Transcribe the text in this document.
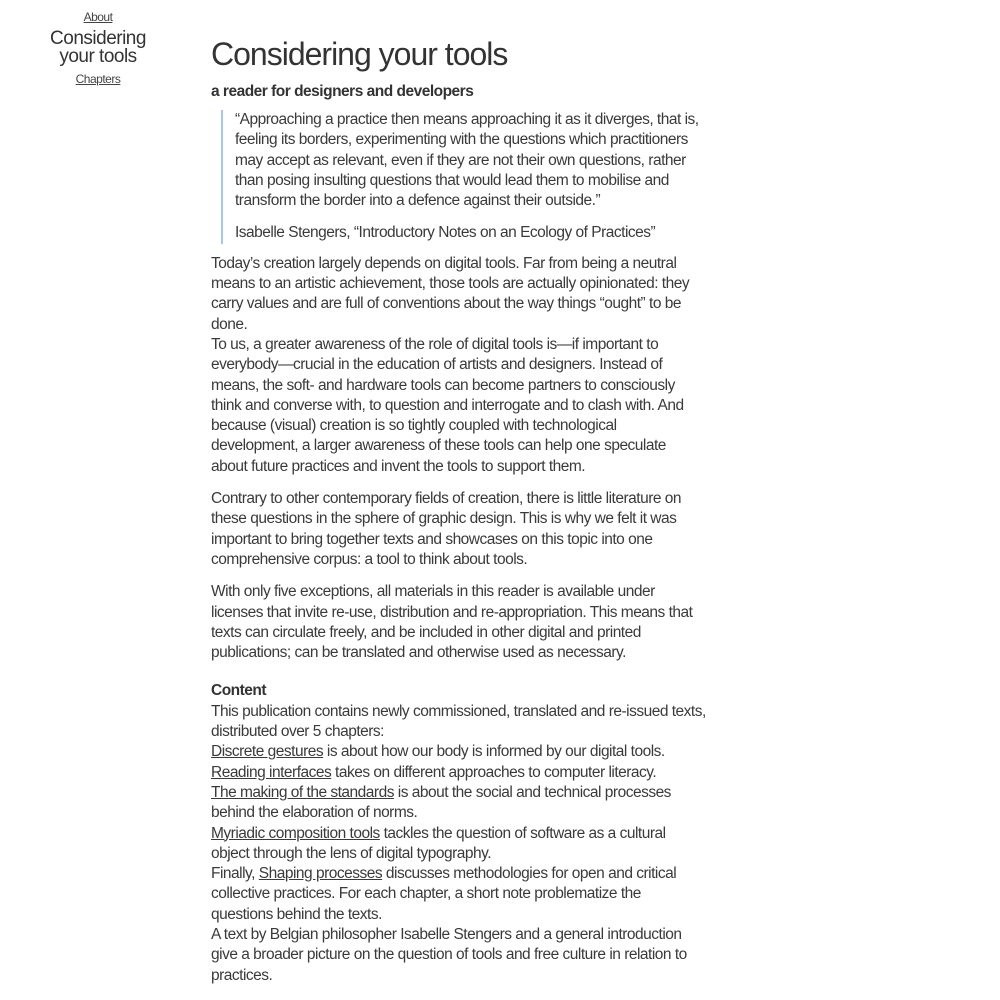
About
Considering
your tools
Chapters
Considering your tools
a reader for designers and developers

“Approaching a practice then means approaching it as it diverges, that is, feeling its borders, experimenting with the questions which practitioners may accept as relevant, even if they are not their own questions, rather than posing insulting questions that would lead them to mobilise and transform the border into a defence against their outside.”

Isabelle Stengers, “Introductory Notes on an Ecology of Practices”

Today’s creation largely depends on digital tools. Far from being a neutral means to an artistic achievement, those tools are actually opinionated: they carry values and are full of conventions about the way things “ought” to be done.

To us, a greater awareness of the role of digital tools is—if important to everybody—crucial in the education of artists and designers. Instead of means, the soft- and hardware tools can become partners to consciously think and converse with, to question and interrogate and to clash with. And because (visual) creation is so tightly coupled with technological development, a larger awareness of these tools can help one speculate about future practices and invent the tools to support them.

Contrary to other contemporary fields of creation, there is little literature on these questions in the sphere of graphic design. This is why we felt it was important to bring together texts and showcases on this topic into one comprehensive corpus: a tool to think about tools.

With only five exceptions, all materials in this reader is available under licenses that invite re-use, distribution and re-appropriation. This means that texts can circulate freely, and be included in other digital and printed publications; can be translated and otherwise used as necessary.

Content

This publication contains newly commissioned, translated and re-issued texts, distributed over 5 chapters:

Discrete gestures is about how our body is informed by our digital tools.

Reading interfaces takes on different approaches to computer literacy.

The making of the standards is about the social and technical processes behind the elaboration of norms.

Myriadic composition tools tackles the question of software as a cultural object through the lens of digital typography.

Finally, Shaping processes discusses methodologies for open and critical collective practices. For each chapter, a short note problematize the questions behind the texts.

A text by Belgian philosopher Isabelle Stengers and a general introduction give a broader picture on the question of tools and free culture in relation to practices.
